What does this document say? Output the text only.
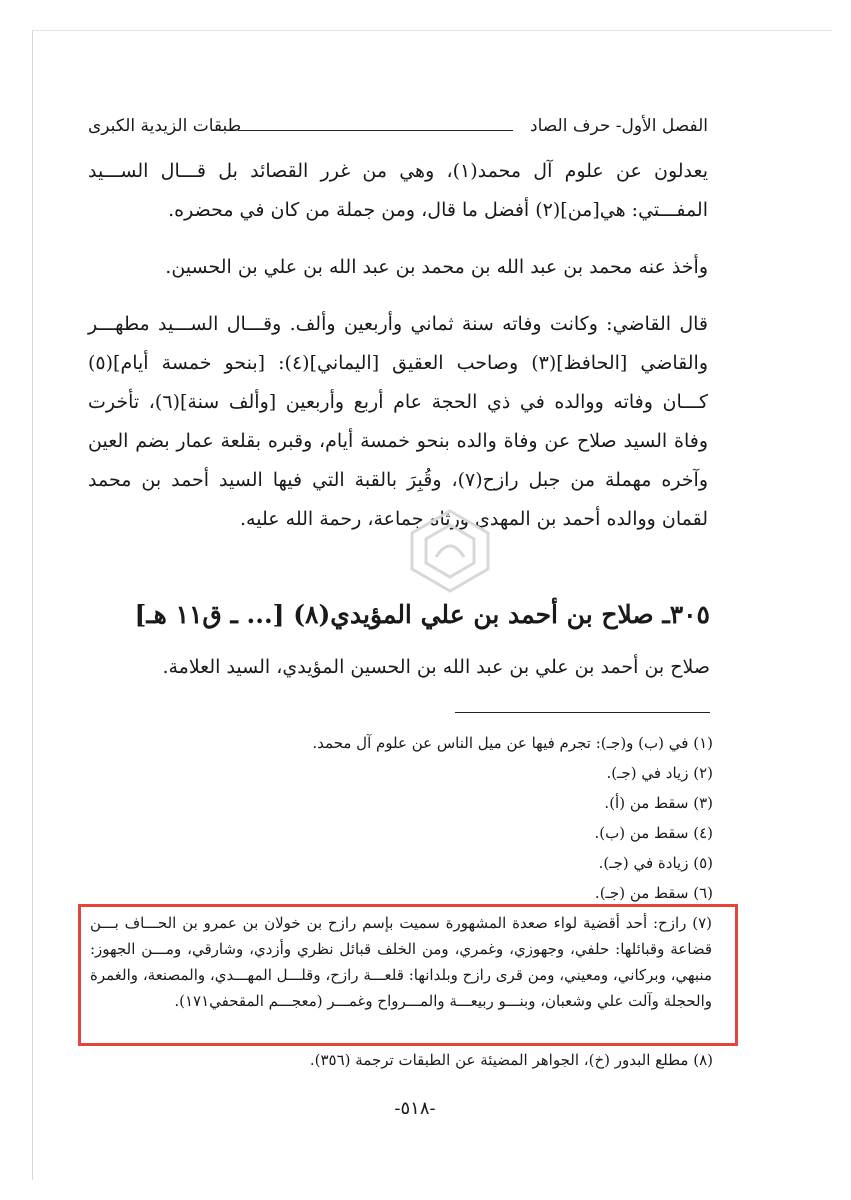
الفصل الأول- حرف الصاد
طبقات الزيدية الكبرى

يعدلون عن علوم آل محمد(١)، وهي من غرر القصائد بل قـــال الســـيد المفـــتي: هي[من](٢) أفضل ما قال، ومن جملة من كان في محضره.

وأخذ عنه محمد بن عبد الله بن محمد بن عبد الله بن علي بن الحسين.

قال القاضي: وكانت وفاته سنة ثماني وأربعين وألف. وقـــال الســـيد مطهـــر والقاضي [الحافظ](٣) وصاحب العقيق [اليماني](٤): [بنحو خمسة أيام](٥) كـــان وفاته ووالده في ذي الحجة عام أربع وأربعين [وألف سنة](٦)، تأخرت وفاة السيد صلاح عن وفاة والده بنحو خمسة أيام، وقبره بقلعة عمار بضم العين وآخره مهملة من جبل رازح(٧)، وقُبِرَ بالقبة التي فيها السيد أحمد بن محمد لقمان ووالده أحمد بن المهدي ورثاه جماعة، رحمة الله عليه.

٣٠٥ـ صلاح بن أحمد بن علي المؤيدي(٨) [... ـ ق١١ هـ]
صلاح بن أحمد بن علي بن عبد الله بن الحسين المؤيدي، السيد العلامة.

(١) في (ب) و(جـ): تجرم فيها عن ميل الناس عن علوم آل محمد.

(٢) زياد في (جـ).

(٣) سقط من (أ).

(٤) سقط من (ب).

(٥) زيادة في (جـ).

(٦) سقط من (جـ).

(٧) رازح: أحد أقضية لواء صعدة المشهورة سميت بإسم رازح بن خولان بن عمرو بن الحـــاف بـــن قضاعة وقبائلها: حلفي، وجهوزي، وغمري، ومن الخلف قبائل نظري وأزدي، وشارقي، ومـــن الجهوز: منبهي، وبركاني، ومعيني، ومن قرى رازح وبلدانها: قلعـــة رازح، وقلـــل المهـــدي، والمصنعة، والغمرة والحجلة وآلت علي وشعبان، وبنـــو ربيعـــة والمـــرواح وغمـــر (معجـــم المقحفي١٧١).
(٨) مطلع البدور (خ)، الجواهر المضيئة عن الطبقات ترجمة (٣٥٦).
-٥١٨-
